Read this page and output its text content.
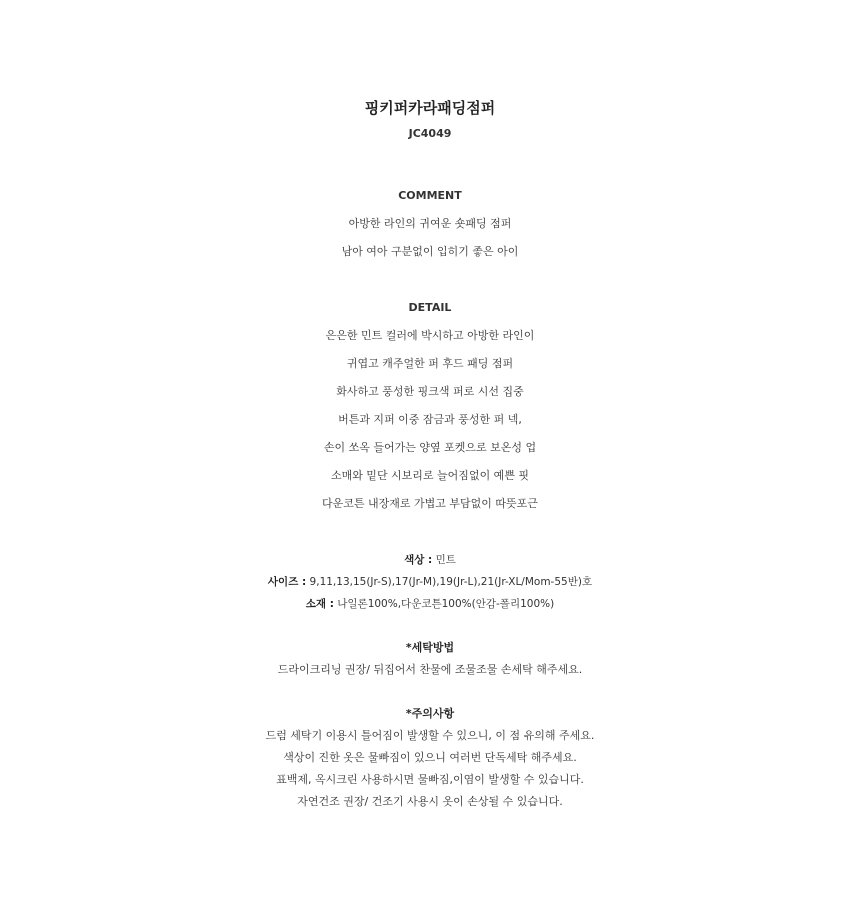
핑키퍼카라패딩점퍼
JC4049
COMMENT
아방한 라인의 귀여운 숏패딩 점퍼
남아 여아 구분없이 입히기 좋은 아이
DETAIL
은은한 민트 컬러에 박시하고 아방한 라인이
귀엽고 캐주얼한 퍼 후드 패딩 점퍼
화사하고 풍성한 핑크색 퍼로 시선 집중
버튼과 지퍼 이중 잠금과 풍성한 퍼 넥,
손이 쏘옥 들어가는 양옆 포켓으로 보온성 업
소매와 밑단 시보리로 늘어짐없이 예쁜 핏
다운코튼 내장재로 가볍고 부담없이 따뜻포근
색상 : 민트
사이즈 : 9,11,13,15(Jr-S),17(Jr-M),19(Jr-L),21(Jr-XL/Mom-55반)호
소재 : 나일론100%,다운코튼100%(안감-폴리100%)
*세탁방법
드라이크리닝 권장/ 뒤집어서 찬물에 조물조물 손세탁 해주세요.
*주의사항
드럼 세탁기 이용시 틀어짐이 발생할 수 있으니, 이 점 유의해 주세요.
색상이 진한 옷은 물빠짐이 있으니 여러번 단독세탁 해주세요.
표백제, 옥시크린 사용하시면 물빠짐,이염이 발생할 수 있습니다.
자연건조 권장/ 건조기 사용시 옷이 손상될 수 있습니다.
